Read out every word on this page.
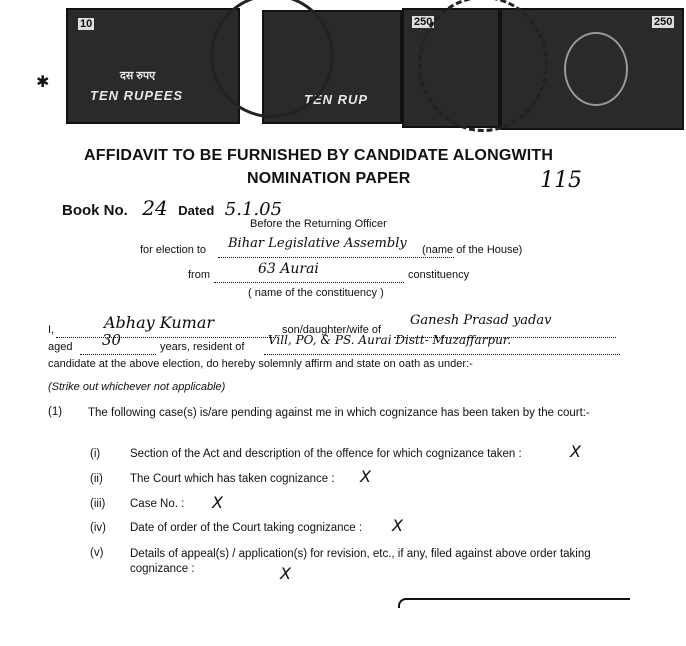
10
दस रुपए
TEN RUPEES	TEN RUP
250	250
✱
AFFIDAVIT TO BE FURNISHED BY CANDIDATE ALONGWITH
NOMINATION PAPER	115
Book No. 24 Dated 5.1.05
Before the Returning Officer
for election to Bihar Legislative Assembly (name of the House)
from	63 Aurai	constituency
( name of the constituency )
I,	Abhay Kumar	son/daughter/wife of
Ganesh Prasad yadav
aged 30	years, resident of Vill, PO, & PS. Aurai Distt- Muzaffarpur.
candidate at the above election, do hereby solemnly affirm and state on oath as under:-
(Strike out whichever not applicable)
(1) The following case(s) is/are pending against me in which cognizance has been taken by the court:-
(i)	Section of the Act and description of the offence for which cognizance taken :	X
(ii) The Court which has taken cognizance : X
(iii) Case No. : X
(iv) Date of order of the Court taking cognizance : X
(v) Details of appeal(s) / application(s) for revision, etc., if any, filed against above order taking cognizance :	X
